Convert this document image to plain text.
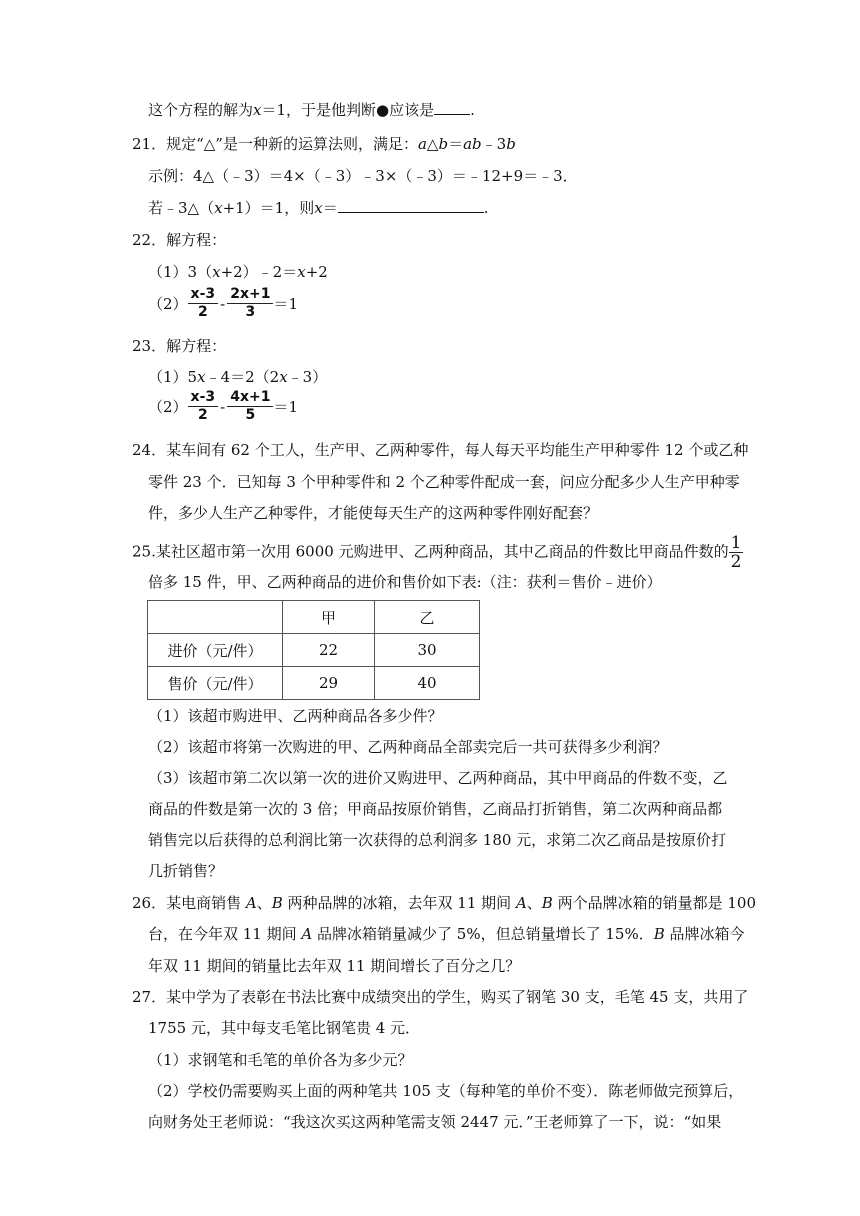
这个方程的解为x＝1，于是他判断●应该是 .
21．规定“△”是一种新的运算法则，满足：a△b＝ab﹣3b
示例：4△（﹣3）＝4×（﹣3）﹣3×（﹣3）＝﹣12+9＝﹣3．
若﹣3△（x+1）＝1，则x＝	.
22．解方程：
（1）3（x+2）﹣2＝x+2
$(2) \frac{x-3}{2} - \frac{2x+1}{3} =1$
23．解方程：
（1）5x﹣4＝2（2x﹣3）
$(2) \frac{x-3}{2} - \frac{4x+1}{5} =1$
24．某车间有 62 个工人，生产甲、乙两种零件，每人每天平均能生产甲种零件 12 个或乙种
零件 23 个．已知每 3 个甲种零件和 2 个乙种零件配成一套，问应分配多少人生产甲种零
件，多少人生产乙种零件，才能使每天生产的这两种零件刚好配套？
25.某社区超市第一次用 6000 元购进甲、乙两种商品，其中乙商品的件数比甲商品件数的 $\frac{1}{2}$
倍多 15 件，甲、乙两种商品的进价和售价如下表:（注：获利＝售价﹣进价）
	甲	乙
进价（元/件）	22	30
售价（元/件）	29	40
（1）该超市购进甲、乙两种商品各多少件？
（2）该超市将第一次购进的甲、乙两种商品全部卖完后一共可获得多少利润？
（3）该超市第二次以第一次的进价又购进甲、乙两种商品，其中甲商品的件数不变，乙
商品的件数是第一次的 3 倍；甲商品按原价销售，乙商品打折销售，第二次两种商品都
销售完以后获得的总利润比第一次获得的总利润多 180 元，求第二次乙商品是按原价打
几折销售？
26．某电商销售 A、B 两种品牌的冰箱，去年双 11 期间 A、B 两个品牌冰箱的销量都是 100
台，在今年双 11 期间 A 品牌冰箱销量减少了 5%，但总销量增长了 15%．B 品牌冰箱今
年双 11 期间的销量比去年双 11 期间增长了百分之几？
27．某中学为了表彰在书法比赛中成绩突出的学生，购买了钢笔 30 支，毛笔 45 支，共用了
1755 元，其中每支毛笔比钢笔贵 4 元．
（1）求钢笔和毛笔的单价各为多少元？
（2）学校仍需要购买上面的两种笔共 105 支（每种笔的单价不变）．陈老师做完预算后，
向财务处王老师说：“我这次买这两种笔需支领 2447 元．”王老师算了一下，说：“如果
